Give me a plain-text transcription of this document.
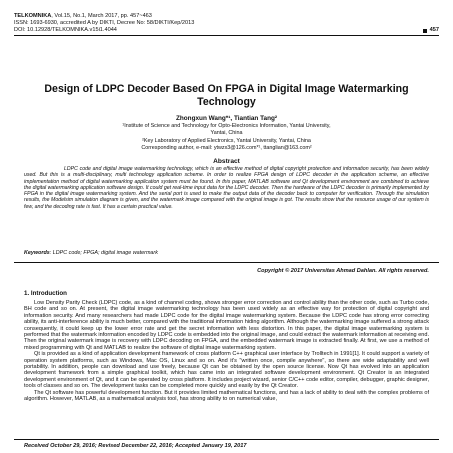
TELKOMNIKA, Vol.15, No.1, March 2017, pp. 457~463
ISSN: 1693-6930, accredited A by DIKTI, Decree No: 58/DIKTI/Kep/2013
DOI: 10.12928/TELKOMNIKA.v15i1.4044	457
Design of LDPC Decoder Based On FPGA in Digital Image Watermarking Technology
Zhongxun Wang*¹, Tiantian Tang²
¹Institute of Science and Technology for Opto-Electronics Information, Yantai University,
Yantai, China
²Key Laboratory of Applied Electronics, Yantai University, Yantai, China
Corresponding author, e-mail: ytwzx3@126.com*¹, ttanglian@163.com²
Abstract
LDPC code and digital image watermarking technology, which is an effective method of digital copyright protection and information security, has been widely used. But this is a multi-disciplinary, multi technology application scheme. In order to realize FPGA design of LDPC decoder in the application scheme, an effective implementation method of digital watermarking application system must be found. In this paper, MATLAB software and Qt development environment are combined to achieve the digital watermarking application software design. It could get real-time input data for the LDPC decoder. Then the hardware of the LDPC decoder is primarily implemented by FPGA in the digital image watermarking system. And the serial port is used to make the output data of the decoder back to computer for verification. Through the simulation results, the Modelsim simulation diagram is given, and the watermark image compared with the original image is got. The results show that the resource usage of our system is few, and the decoding rate is fast. It has a certain practical value.
Keywords: LDPC code; FPGA; digital image watermark
Copyright © 2017 Universitas Ahmad Dahlan. All rights reserved.
1. Introduction

Low Density Parity Check (LDPC) code, as a kind of channel coding, shows stronger error correction and control ability than the other code, such as Turbo code, BH code and so on. At present, the digital image watermarking technology has been used widely as an effective way for protection of digital copyright and information security. And many researchers had made LDPC code for the digital image watermarking system. Because the LDPC code has strong error correcting ability, its anti-interference ability is much better, compared with the traditional information hiding algorithm. Although the watermarking image suffered a strong attack consequently, it could keep up the lower error rate and get the secret information with less distortion. In this paper, the digital image watermarking system is performed that the watermark information encoded by LDPC code is embedded into the original image, and could extract the watermark information at receiving end. Then the original watermark image is recovery with LDPC decoding on FPGA, and the embedded watermark image is extracted finally. At first, we use a method of mixed programming with Qt and MATLAB to realize the software of digital image watermarking system.

Qt is provided as a kind of application development framework of cross platform C++ graphical user interface by Trolltech in 1991[1]. It could support a variety of operation system platforms, such as Windows, Mac OS, Linux and so on. And it's "written once, compile anywhere", so there are wide adaptability and well portability. In addition, people can download and use freely, because Qt can be obtained by the open source license. Now Qt has evolved into an application development framework from a simple graphical toolkit, which has came into an integrated software development environment. Qt Creator is an integrated development environment of Qt, and it can be operated by cross platform. It includes project wizard, senior C/C++ code editor, compiler, debugger, graphic designer, tools of classes and so on. The development tasks can be completed more quickly and easily by the Qt Creator.

The Qt software has powerful development function. But it provides limited mathematical functions, and has a lack of ability to deal with the complex problems of algorithm. However, MATLAB, as a mathematical analysis tool, has strong ability to on numerical value,

Received October 29, 2016; Revised December 22, 2016; Accepted January 19, 2017
